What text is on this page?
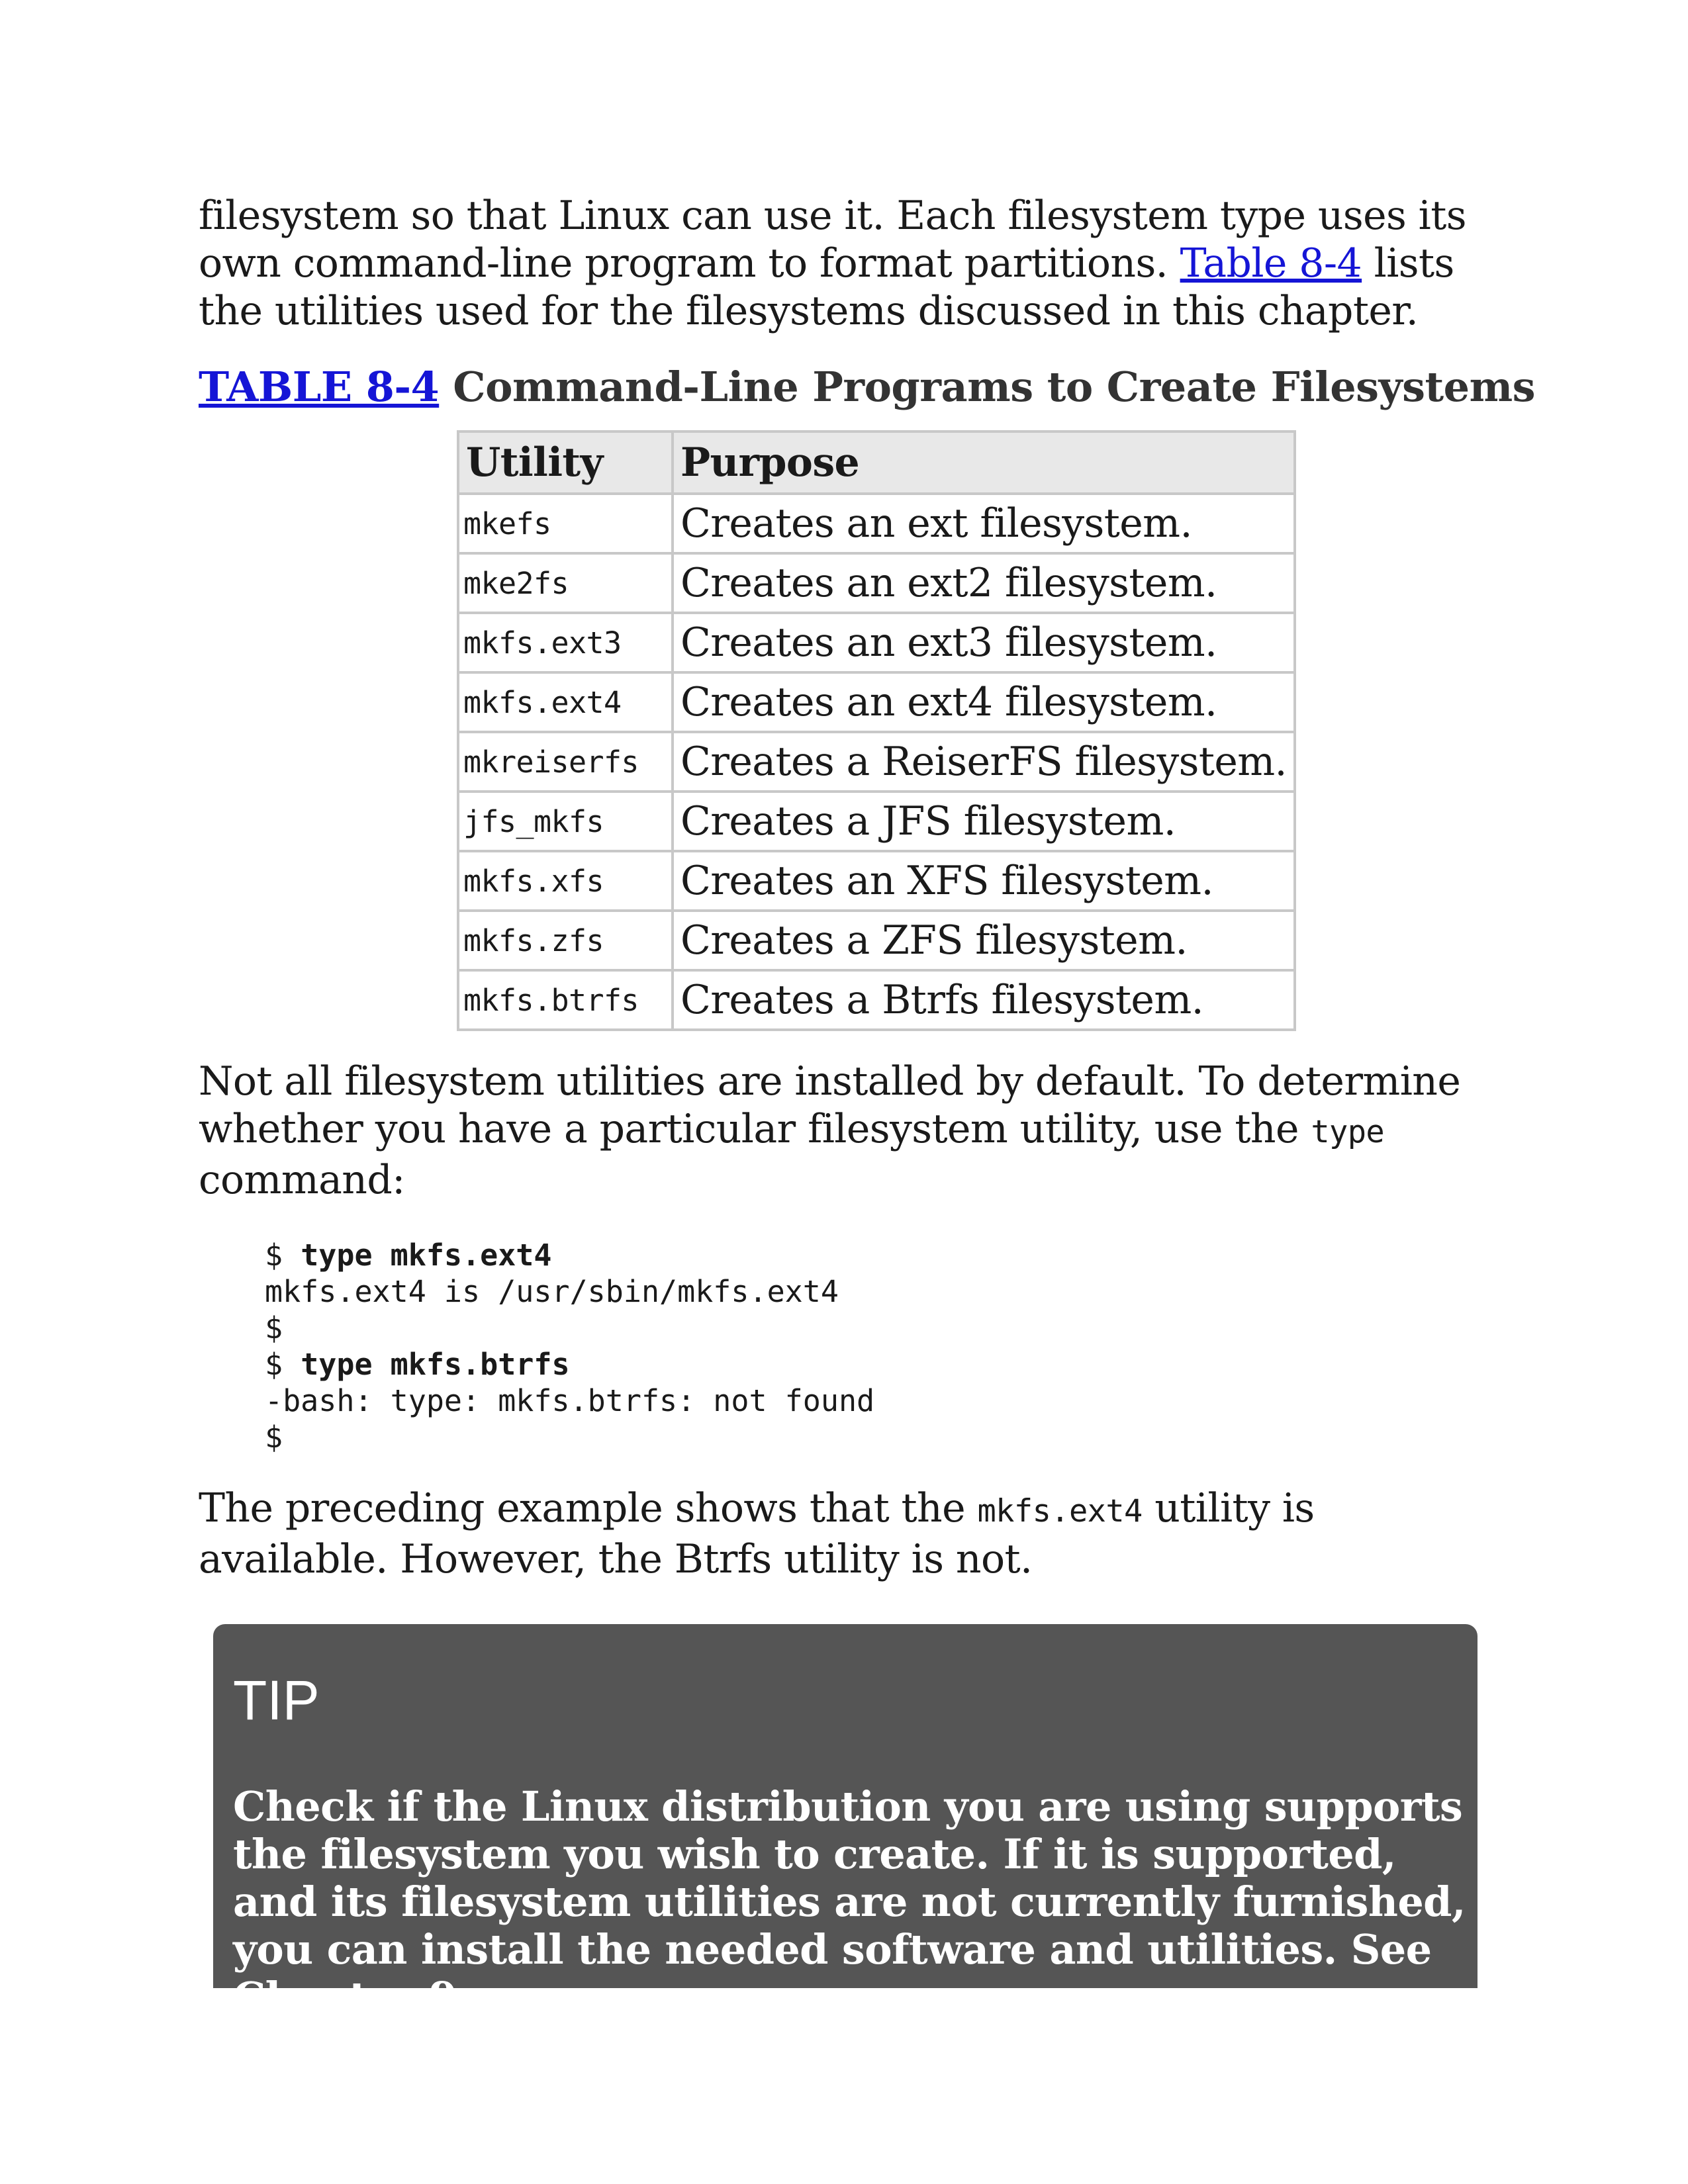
filesystem so that Linux can use it. Each filesystem type uses its own command-line program to format partitions. Table 8-4 lists the utilities used for the filesystems discussed in this chapter.

TABLE 8-4 Command-Line Programs to Create Filesystems
Utility	Purpose
mkefs	Creates an ext filesystem.
mke2fs	Creates an ext2 filesystem.
mkfs.ext3	Creates an ext3 filesystem.
mkfs.ext4	Creates an ext4 filesystem.
mkreiserfs	Creates a ReiserFS filesystem.
jfs_mkfs	Creates a JFS filesystem.
mkfs.xfs	Creates an XFS filesystem.
mkfs.zfs	Creates a ZFS filesystem.
mkfs.btrfs	Creates a Btrfs filesystem.

Not all filesystem utilities are installed by default. To determine whether you have a particular filesystem utility, use the type command:

$ type mkfs.ext4
mkfs.ext4 is /usr/sbin/mkfs.ext4
$
$ type mkfs.btrfs
-bash: type: mkfs.btrfs: not found
$

The preceding example shows that the mkfs.ext4 utility is available. However, the Btrfs utility is not.

TIP
Check if the Linux distribution you are using supports the filesystem you wish to create. If it is supported, and its filesystem utilities are not currently furnished, you can install the needed software and utilities. See Chapter 9,
